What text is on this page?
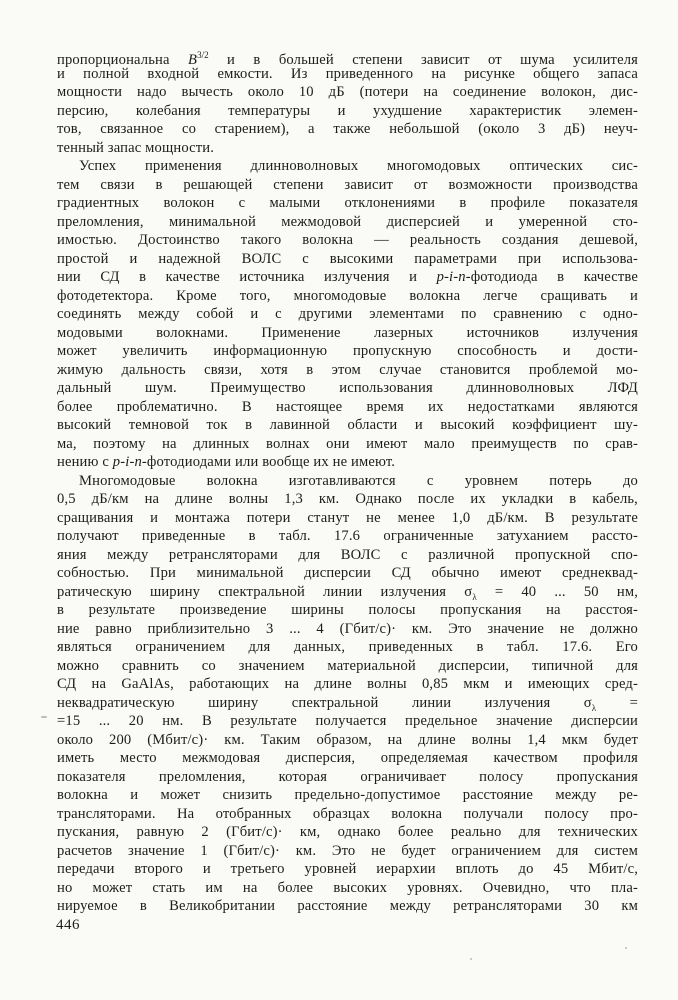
пропорциональна $B^{3/2}$ и в большей степени зависит от шума усилителя
и полной входной емкости. Из приведенного на рисунке общего запаса
мощности надо вычесть около 10 дБ (потери на соединение волокон, дис-
персию, колебания температуры и ухудшение характеристик элемен-
тов, связанное со старением), а также небольшой (около 3 дБ) неуч-
тенный запас мощности.
Успех применения длинноволновых многомодовых оптических сис-
тем связи в решающей степени зависит от возможности производства
градиентных волокон с малыми отклонениями в профиле показателя
преломления, минимальной межмодовой дисперсией и умеренной сто-
имостью. Достоинство такого волокна — реальность создания дешевой,
простой и надежной ВОЛС с высокими параметрами при использова-
нии СД в качестве источника излучения и p-i-n-фотодиода в качестве
фотодетектора. Кроме того, многомодовые волокна легче сращивать и
соединять между собой и с другими элементами по сравнению с одно-
модовыми волокнами. Применение лазерных источников излучения
может увеличить информационную пропускную способность и дости-
жимую дальность связи, хотя в этом случае становится проблемой мо-
дальный шум. Преимущество использования длинноволновых ЛФД
более проблематично. В настоящее время их недостатками являются
высокий темновой ток в лавинной области и высокий коэффициент шу-
ма, поэтому на длинных волнах они имеют мало преимуществ по срав-
нению с p-i-n-фотодиодами или вообще их не имеют.
Многомодовые волокна изготавливаются с уровнем потерь до
0,5 дБ/км на длине волны 1,3 км. Однако после их укладки в кабель,
сращивания и монтажа потери станут не менее 1,0 дБ/км. В результате
получают приведенные в табл. 17.6 ограниченные затуханием рассто-
яния между ретрансляторами для ВОЛС с различной пропускной спо-
собностью. При минимальной дисперсии СД обычно имеют среднеквад-
ратическую ширину спектральной линии излучения $\sigma_\lambda = 40$ ... 50 нм,
в результате произведение ширины полосы пропускания на расстоя-
ние равно приблизительно 3 ... 4 (Гбит/с)· км. Это значение не должно
являться ограничением для данных, приведенных в табл. 17.6. Его
можно сравнить со значением материальной дисперсии, типичной для
СД на GaAlAs, работающих на длине волны 0,85 мкм и имеющих сред-
неквадратическую ширину спектральной линии излучения $\sigma_\lambda$ =
=15 ... 20 нм. В результате получается предельное значение дисперсии
около 200 (Мбит/с)· км. Таким образом, на длине волны 1,4 мкм будет
иметь место межмодовая дисперсия, определяемая качеством профиля
показателя преломления, которая ограничивает полосу пропускания
волокна и может снизить предельно-допустимое расстояние между ре-
трансляторами. На отобранных образцах волокна получали полосу про-
пускания, равную 2 (Гбит/с)· км, однако более реально для технических
расчетов значение 1 (Гбит/с)· км. Это не будет ограничением для систем
передачи второго и третьего уровней иерархии вплоть до 45 Мбит/с,
но может стать им на более высоких уровнях. Очевидно, что пла-
нируемое в Великобритании расстояние между ретрансляторами 30 км
446
